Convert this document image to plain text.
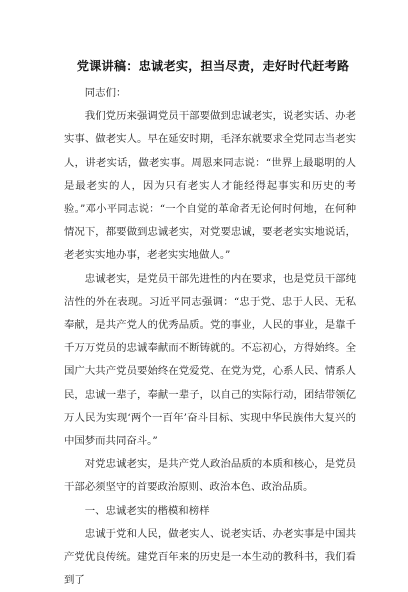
党课讲稿：忠诚老实，担当尽责，走好时代赶考路

同志们：

我们党历来强调党员干部要做到忠诚老实，说老实话、办老实事、做老实人。早在延安时期，毛泽东就要求全党同志当老实人，讲老实话，做老实事。周恩来同志说：“世界上最聪明的人是最老实的人，因为只有老实人才能经得起事实和历史的考验。”邓小平同志说：“一个自觉的革命者无论何时何地，在何种情况下，都要做到忠诚老实，对党要忠诚，要老老实实地说话，老老实实地办事，老老实实地做人。”

忠诚老实，是党员干部先进性的内在要求，也是党员干部纯洁性的外在表现。习近平同志强调：“忠于党、忠于人民、无私奉献，是共产党人的优秀品质。党的事业，人民的事业，是靠千千万万党员的忠诚奉献而不断铸就的。不忘初心，方得始终。全国广大共产党员要始终在党爱党、在党为党，心系人民、情系人民，忠诚一辈子，奉献一辈子，以自己的实际行动，团结带领亿万人民为实现‘两个一百年’奋斗目标、实现中华民族伟大复兴的中国梦而共同奋斗。”

对党忠诚老实，是共产党人政治品质的本质和核心，是党员干部必须坚守的首要政治原则、政治本色、政治品质。

一、忠诚老实的楷模和榜样

忠诚于党和人民，做老实人、说老实话、办老实事是中国共产党优良传统。建党百年来的历史是一本生动的教科书，我们看到了
